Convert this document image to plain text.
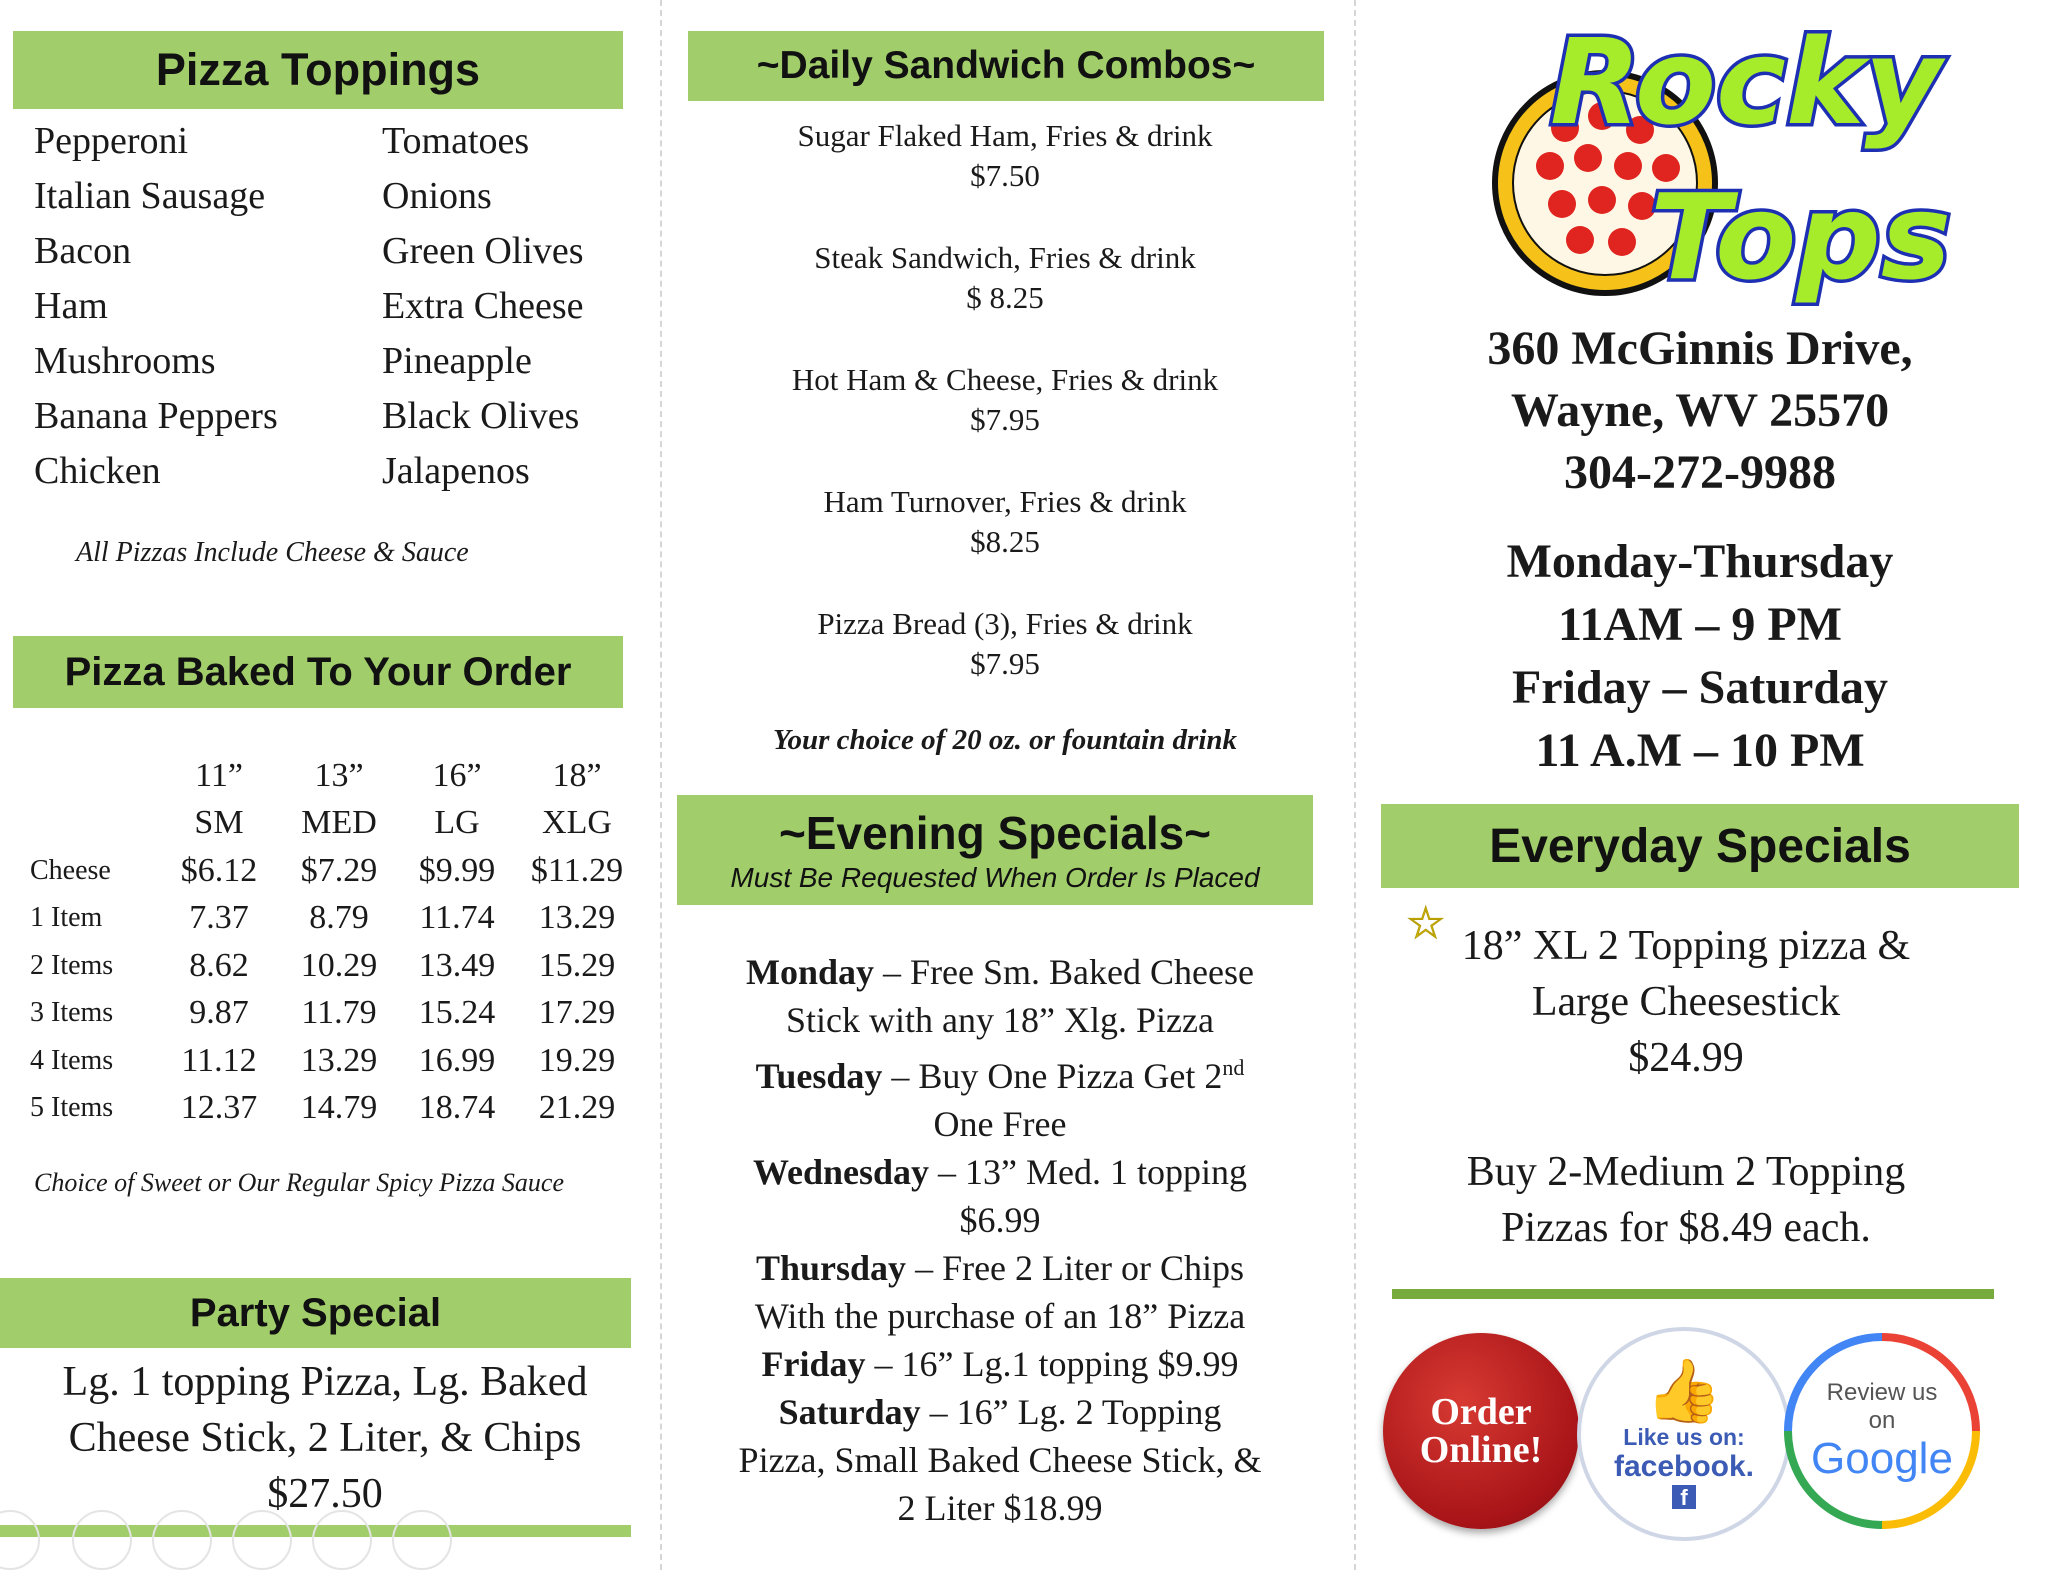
Pizza Toppings
Pepperoni
Italian Sausage
Bacon
Ham
Mushrooms
Banana Peppers
Chicken
Tomatoes
Onions
Green Olives
Extra Cheese
Pineapple
Black Olives
Jalapenos
All Pizzas Include Cheese & Sauce
Pizza Baked To Your Order
	11”	13”	16”	18”
	SM	MED	LG	XLG
Cheese	$6.12	$7.29	$9.99	$11.29
1 Item	7.37	8.79	11.74	13.29
2 Items	8.62	10.29	13.49	15.29
3 Items	9.87	11.79	15.24	17.29
4 Items	11.12	13.29	16.99	19.29
5 Items	12.37	14.79	18.74	21.29
Choice of Sweet or Our Regular Spicy Pizza Sauce
Party Special
Lg. 1 topping Pizza, Lg. Baked
Cheese Stick, 2 Liter, & Chips
$27.50
~Daily Sandwich Combos~
Sugar Flaked Ham, Fries & drink
$7.50
Steak Sandwich, Fries & drink
$ 8.25
Hot Ham & Cheese, Fries & drink
$7.95
Ham Turnover, Fries & drink
$8.25
Pizza Bread (3), Fries & drink
$7.95
Your choice of 20 oz. or fountain drink
~Evening Specials~
Must Be Requested When Order Is Placed
Monday – Free Sm. Baked Cheese
Stick with any 18” Xlg. Pizza
Tuesday – Buy One Pizza Get 2nd
One Free
Wednesday – 13” Med. 1 topping
$6.99
Thursday – Free 2 Liter or Chips
With the purchase of an 18” Pizza
Friday – 16” Lg.1 topping $9.99
Saturday – 16” Lg. 2 Topping
Pizza, Small Baked Cheese Stick, &
2 Liter $18.99
Rocky
Tops
360 McGinnis Drive,
Wayne, WV 25570
304-272-9988
Monday-Thursday
11AM – 9 PM
Friday – Saturday
11 A.M – 10 PM
Everyday Specials
☆ 18” XL 2 Topping pizza &
Large Cheesestick
$24.99
Buy 2-Medium 2 Topping
Pizzas for $8.49 each.
Order
Online!
👍
Like us on:
facebook.
f
Review us
on
Google
